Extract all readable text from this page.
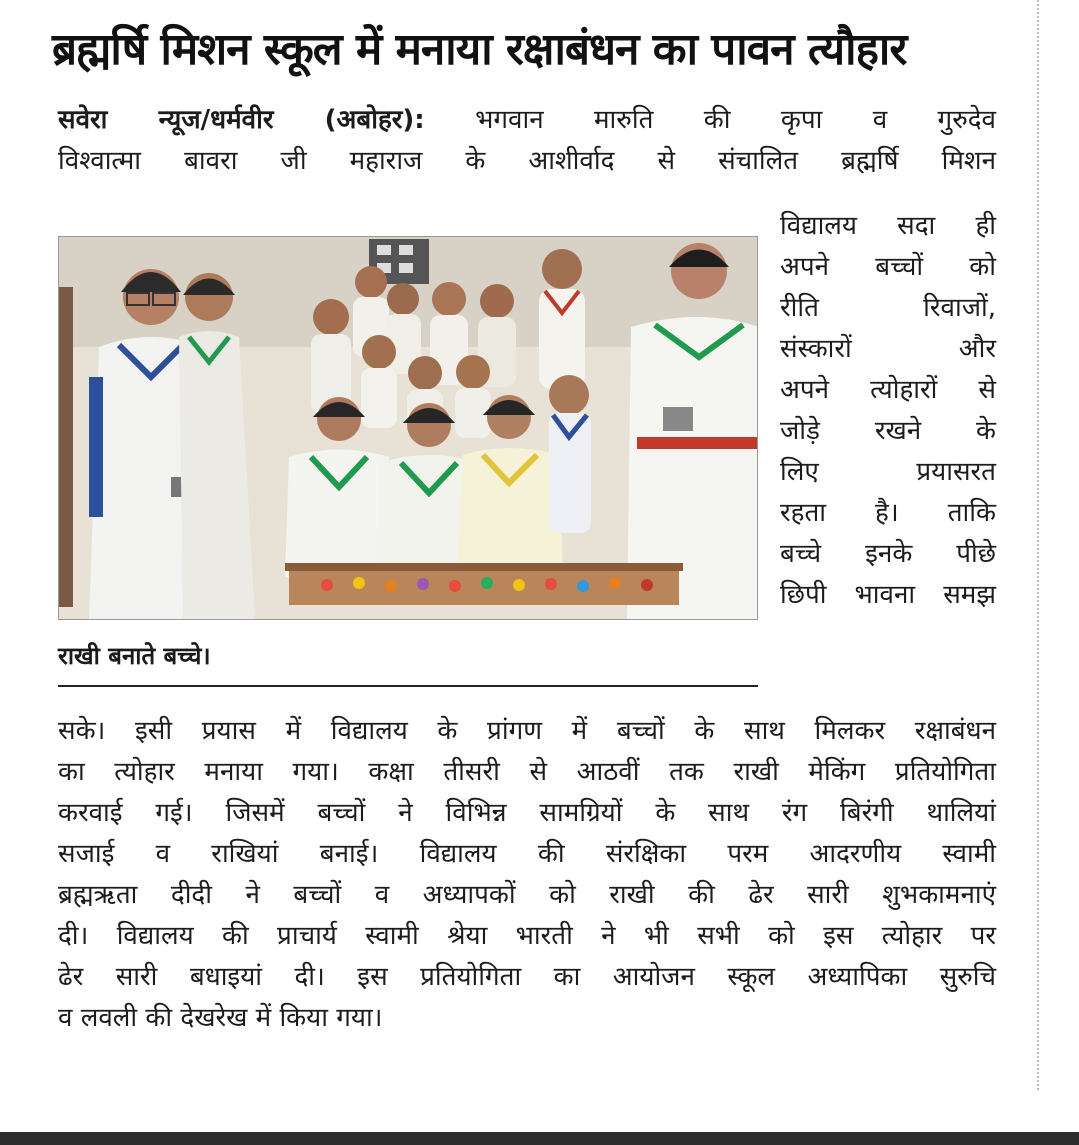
ब्रह्मर्षि मिशन स्कूल में मनाया रक्षाबंधन का पावन त्यौहार
सवेरा न्यूज/धर्मवीर (अबोहर): भगवान मारुति की कृपा व गुरुदेव
विश्वात्मा बावरा जी महाराज के आशीर्वाद से संचालित ब्रह्मर्षि मिशन
विद्यालय सदा ही
अपने बच्चों को
रीति रिवाजों,
संस्कारों और
अपने त्योहारों से
जोड़े रखने के
लिए प्रयासरत
रहता है। ताकि
बच्चे इनके पीछे
छिपी भावना समझ
राखी बनाते बच्चे।
सके। इसी प्रयास में विद्यालय के प्रांगण में बच्चों के साथ मिलकर रक्षाबंधन
का त्योहार मनाया गया। कक्षा तीसरी से आठवीं तक राखी मेकिंग प्रतियोगिता
करवाई गई। जिसमें बच्चों ने विभिन्न सामग्रियों के साथ रंग बिरंगी थालियां
सजाई व राखियां बनाई। विद्यालय की संरक्षिका परम आदरणीय स्वामी
ब्रह्मऋता दीदी ने बच्चों व अध्यापकों को राखी की ढेर सारी शुभकामनाएं
दी। विद्यालय की प्राचार्य स्वामी श्रेया भारती ने भी सभी को इस त्योहार पर
ढेर सारी बधाइयां दी। इस प्रतियोगिता का आयोजन स्कूल अध्यापिका सुरुचि
व लवली की देखरेख में किया गया।
